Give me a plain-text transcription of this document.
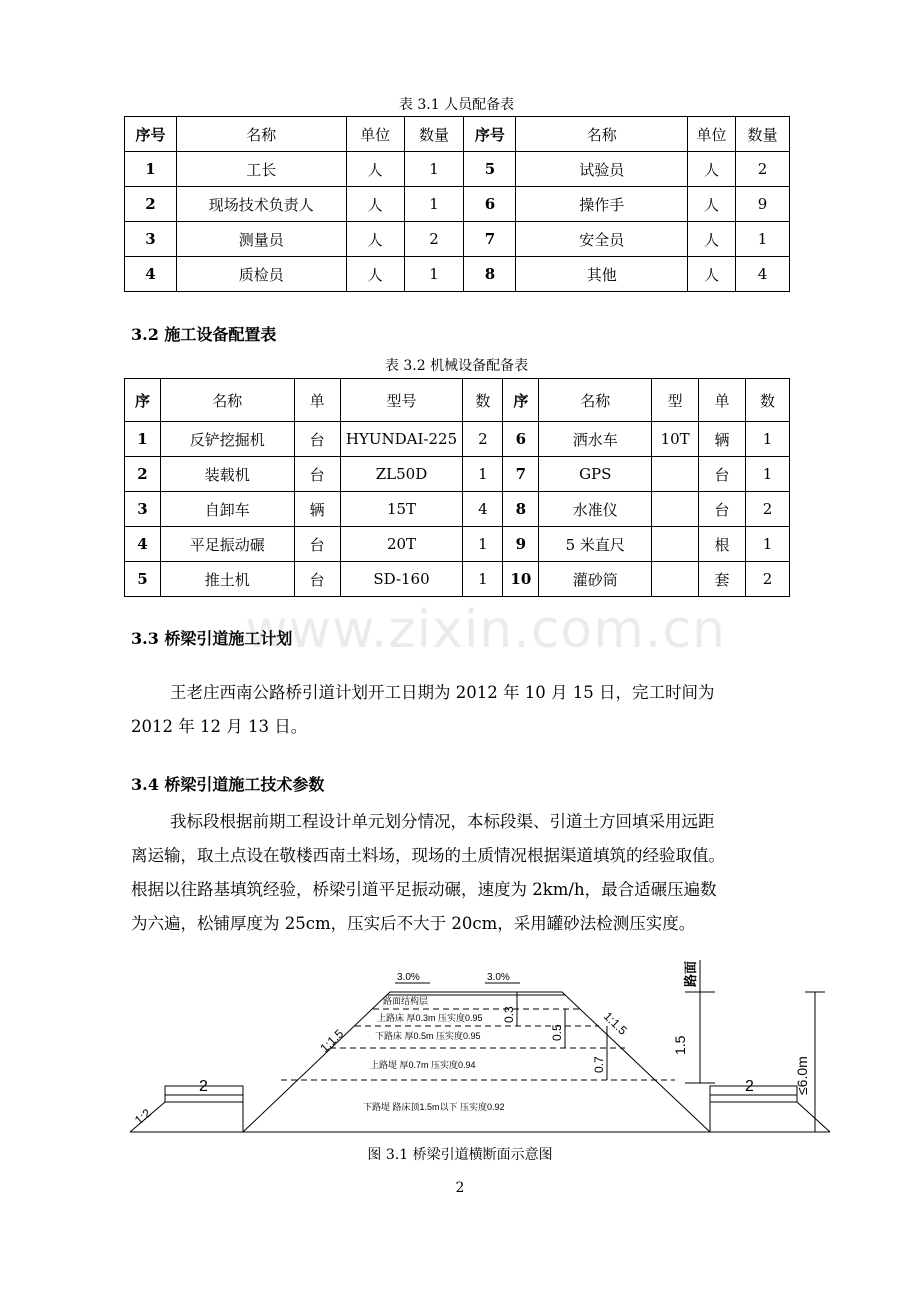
表 3.1 人员配备表
序号	名称	单位	数量	序号	名称	单位	数量
1	工长	人	1	5	试验员	人	2
2	现场技术负责人	人	1	6	操作手	人	9
3	测量员	人	2	7	安全员	人	1
4	质检员	人	1	8	其他	人	4
3.2 施工设备配置表
表 3.2 机械设备配备表
序	名称	单	型号	数	序	名称	型	单	数
1	反铲挖掘机	台	HYUNDAI-225	2	6	洒水车	10T	辆	1
2	装载机	台	ZL50D	1	7	GPS		台	1
3	自卸车	辆	15T	4	8	水准仪		台	2
4	平足振动碾	台	20T	1	9	5 米直尺		根	1
5	推土机	台	SD-160	1	10	灌砂筒		套	2
www.zixin.com.cn
3.3 桥梁引道施工计划
王老庄西南公路桥引道计划开工日期为 2012 年 10 月 15 日，完工时间为
2012 年 12 月 13 日。
3.4 桥梁引道施工技术参数
我标段根据前期工程设计单元划分情况，本标段渠、引道土方回填采用远距
离运输，取土点设在敬楼西南土料场，现场的土质情况根据渠道填筑的经验取值。
根据以往路基填筑经验，桥梁引道平足振动碾，速度为 2km/h，最合适碾压遍数
为六遍，松铺厚度为 25cm，压实后不大于 20cm，采用罐砂法检测压实度。
3.0%	3.0%
路面结构层
上路床 厚0.3m 压实度0.95
下路床 厚0.5m 压实度0.95
上路堤 厚0.7m 压实度0.94
下路堤 路床顶1.5m以下 压实度0.92
0.3
0.5
0.7
1.5
≤6.0m
路面
1:1.5
1:1.5
1:2
2	2
图 3.1 桥梁引道横断面示意图
2
